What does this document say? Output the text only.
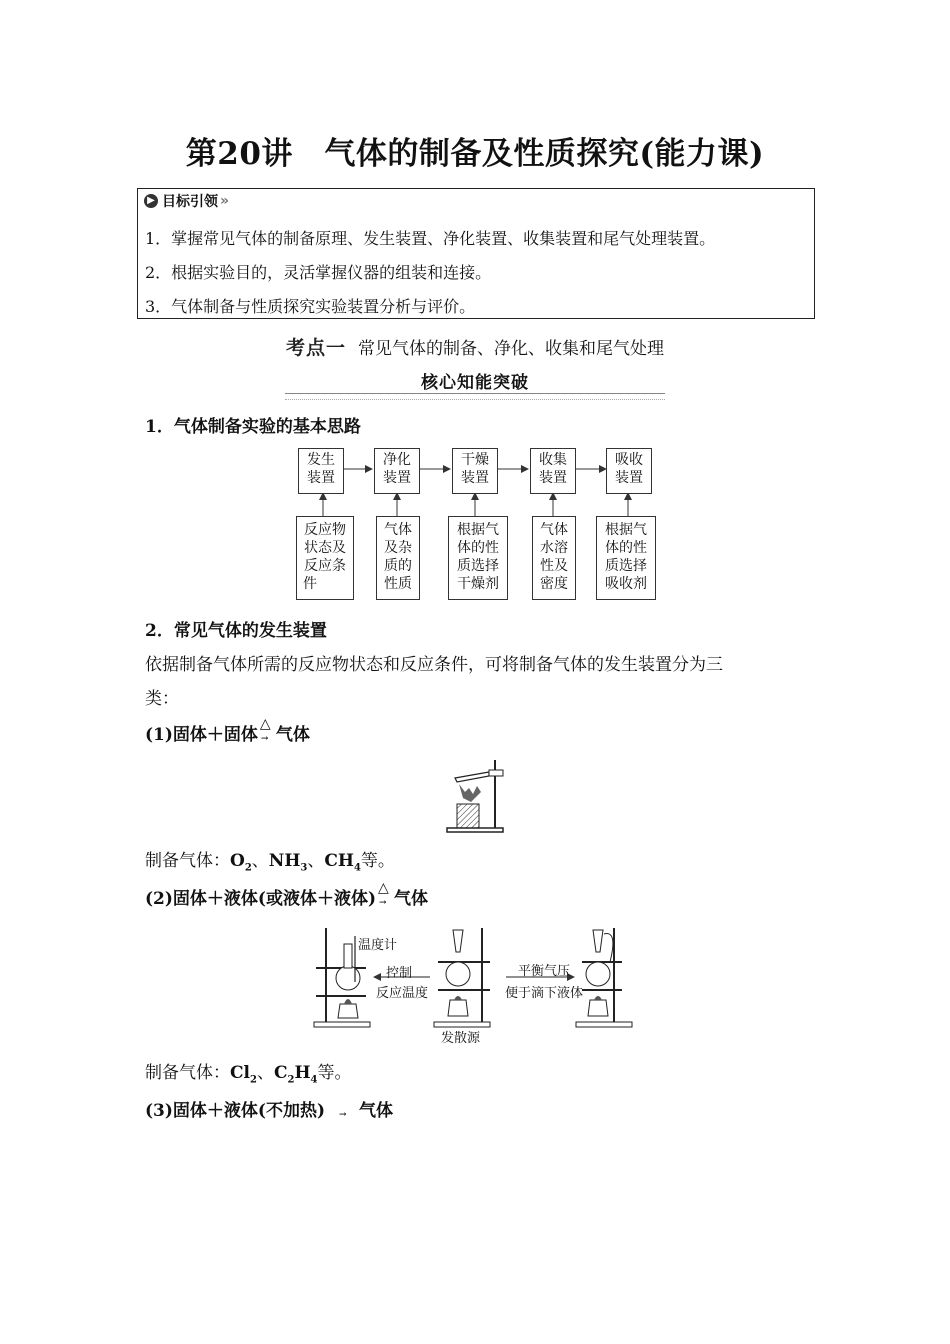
第20讲　气体的制备及性质探究(能力课)
▶ 目标引领 »
1．掌握常见气体的制备原理、发生装置、净化装置、收集装置和尾气处理装置。
2．根据实验目的，灵活掌握仪器的组装和连接。
3．气体制备与性质探究实验装置分析与评价。
考点一 常见气体的制备、净化、收集和尾气处理
核心知能突破
1．气体制备实验的基本思路
发生
装置
净化
装置
干燥
装置
收集
装置
吸收
装置
反应物
状态及
反应条
件
气体
及杂
质的
性质
根据气
体的性
质选择
干燥剂
气体
水溶
性及
密度
根据气
体的性
质选择
吸收剂
2．常见气体的发生装置
依据制备气体所需的反应物状态和反应条件，可将制备气体的发生装置分为三
类：
(1)固体＋固体
△
→ 气体
制备气体：$O_2$、$NH_3$、$CH_4$等。
(2)固体＋液体(或液体＋液体)
△
→ 气体
温度计
控制
反应温度
平衡气压
便于滴下液体
发散源
制备气体：$Cl_2$、$C_2H_4$等。
(3)固体＋液体(不加热) → 气体
